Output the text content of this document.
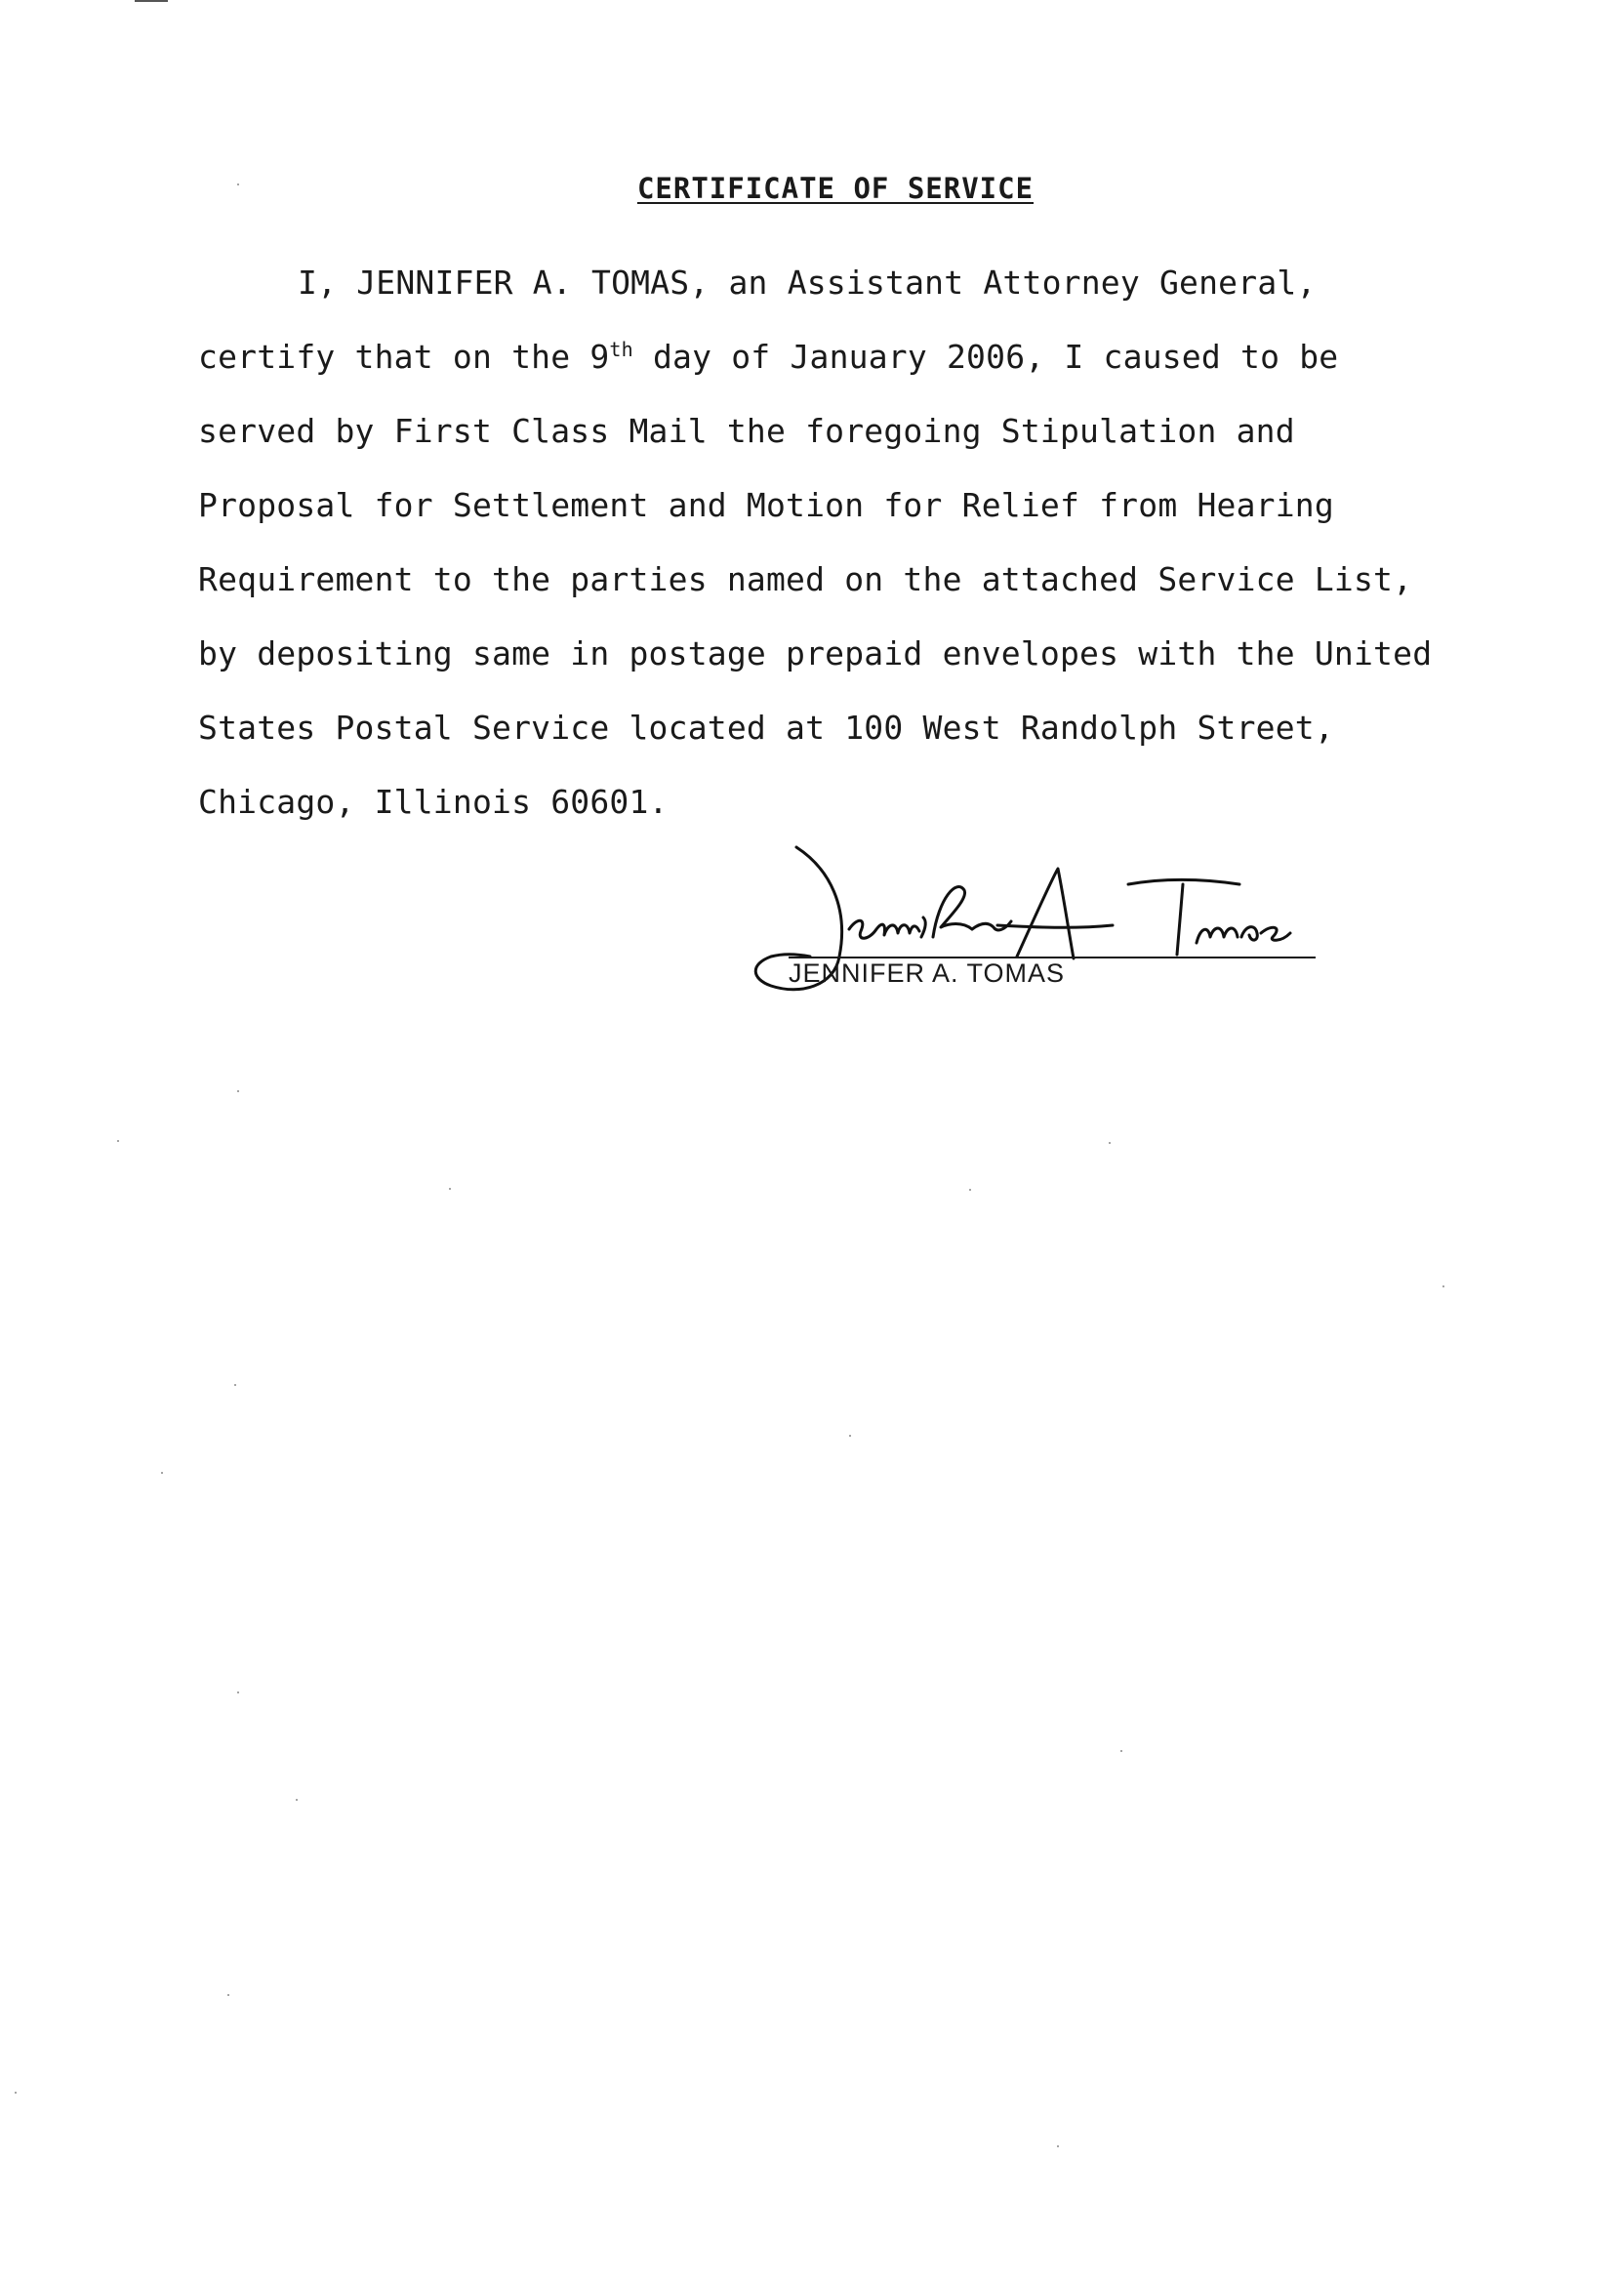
CERTIFICATE OF SERVICE
I, JENNIFER A. TOMAS, an Assistant Attorney General,
certify that on the 9th day of January 2006, I caused to be
served by First Class Mail the foregoing Stipulation and
Proposal for Settlement and Motion for Relief from Hearing
Requirement to the parties named on the attached Service List,
by depositing same in postage prepaid envelopes with the United
States Postal Service located at 100 West Randolph Street,
Chicago, Illinois 60601.
JENNIFER A. TOMAS
